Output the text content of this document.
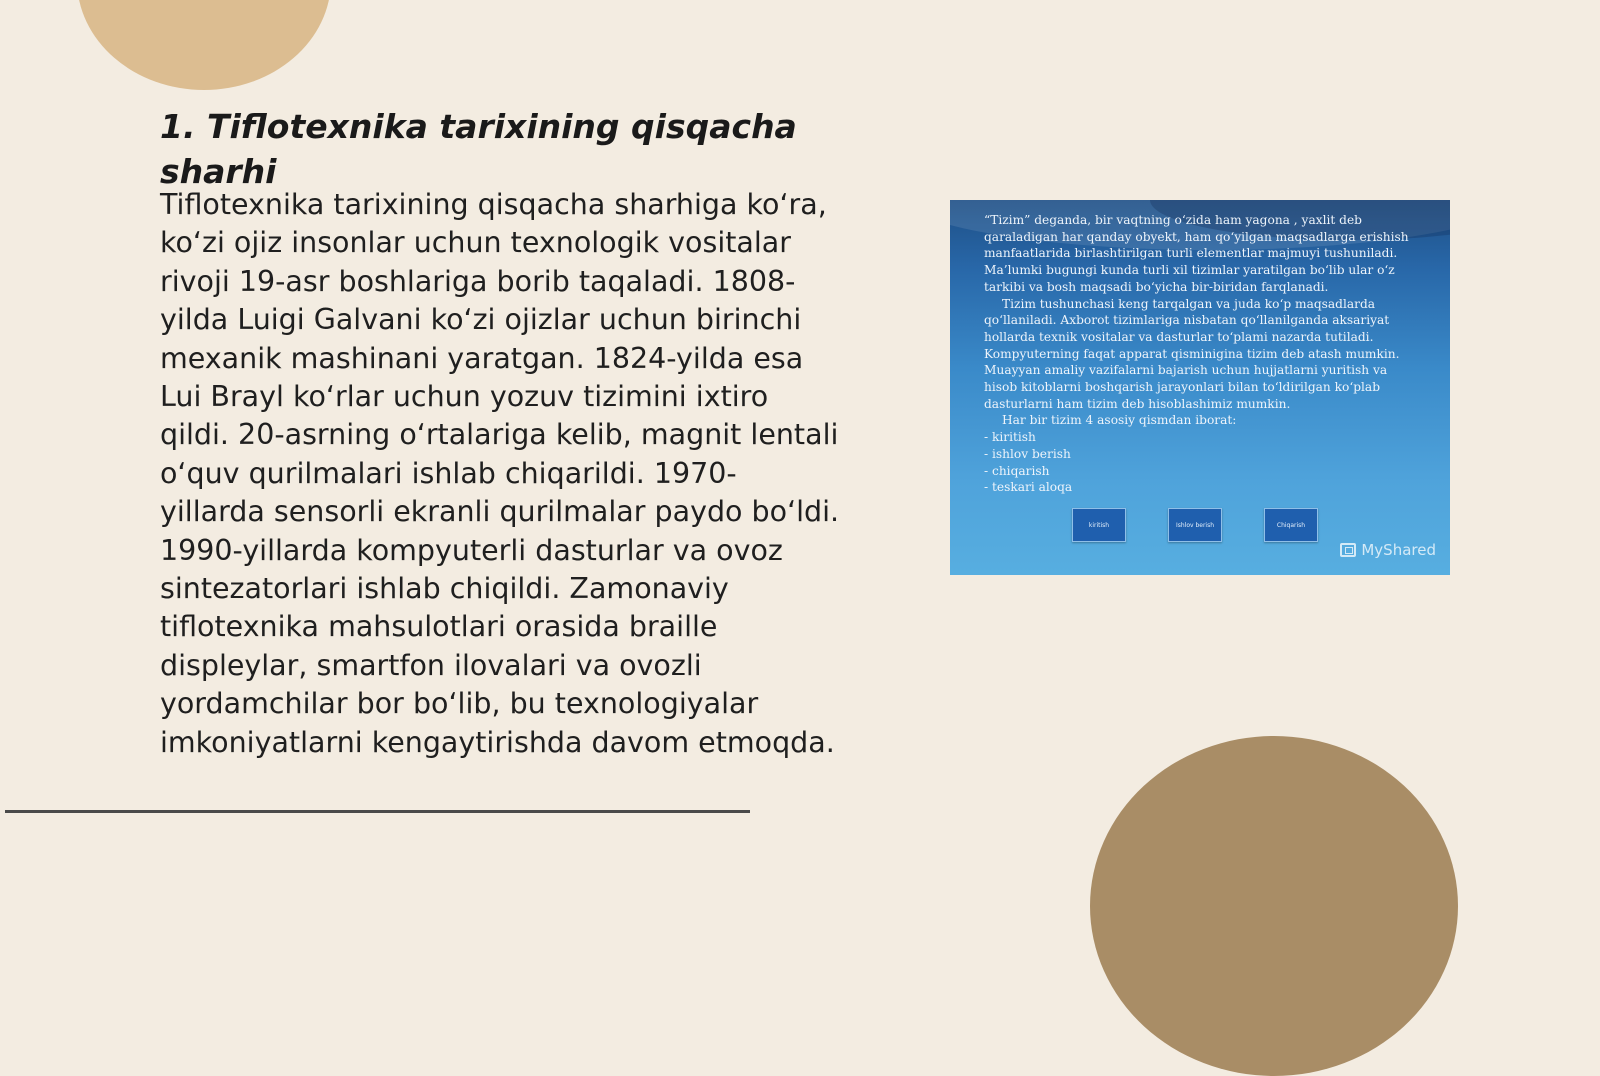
1. Tiflotexnika tarixining qisqacha sharhi

Tiflotexnika tarixining qisqacha sharhiga koʻra, koʻzi ojiz insonlar uchun texnologik vositalar rivoji 19-asr boshlariga borib taqaladi. 1808-yilda Luigi Galvani koʻzi ojizlar uchun birinchi mexanik mashinani yaratgan. 1824-yilda esa Lui Brayl koʻrlar uchun yozuv tizimini ixtiro qildi. 20-asrning oʻrtalariga kelib, magnit lentali oʻquv qurilmalari ishlab chiqarildi. 1970-yillarda sensorli ekranli qurilmalar paydo boʻldi. 1990-yillarda kompyuterli dasturlar va ovoz sintezatorlari ishlab chiqildi. Zamonaviy tiflotexnika mahsulotlari orasida braille displeylar, smartfon ilovalari va ovozli yordamchilar bor boʻlib, bu texnologiyalar imkoniyatlarni kengaytirishda davom etmoqda.

“Tizim” deganda, bir vaqtning o‘zida ham yagona , yaxlit deb qaraladigan har qanday obyekt, ham qo‘yilgan maqsadlarga erishish manfaatlarida birlashtirilgan turli elementlar majmuyi tushuniladi. Ma’lumki bugungi kunda turli xil tizimlar yaratilgan bo‘lib ular o‘z tarkibi va bosh maqsadi bo‘yicha bir-biridan farqlanadi.

Tizim tushunchasi keng tarqalgan va juda ko‘p maqsadlarda qo‘llaniladi. Axborot tizimlariga nisbatan qo‘llanilganda aksariyat hollarda texnik vositalar va dasturlar to‘plami nazarda tutiladi. Kompyuterning faqat apparat qisminigina tizim deb atash mumkin. Muayyan amaliy vazifalarni bajarish uchun hujjatlarni yuritish va hisob kitoblarni boshqarish jarayonlari bilan to‘ldirilgan ko‘plab dasturlarni ham tizim deb hisoblashimiz mumkin.

Har bir tizim 4 asosiy qismdan iborat:

- kiritish
- ishlov berish
- chiqarish
- teskari aloqa
kiritish	Ishlov berish	Chiqarish
MyShared
